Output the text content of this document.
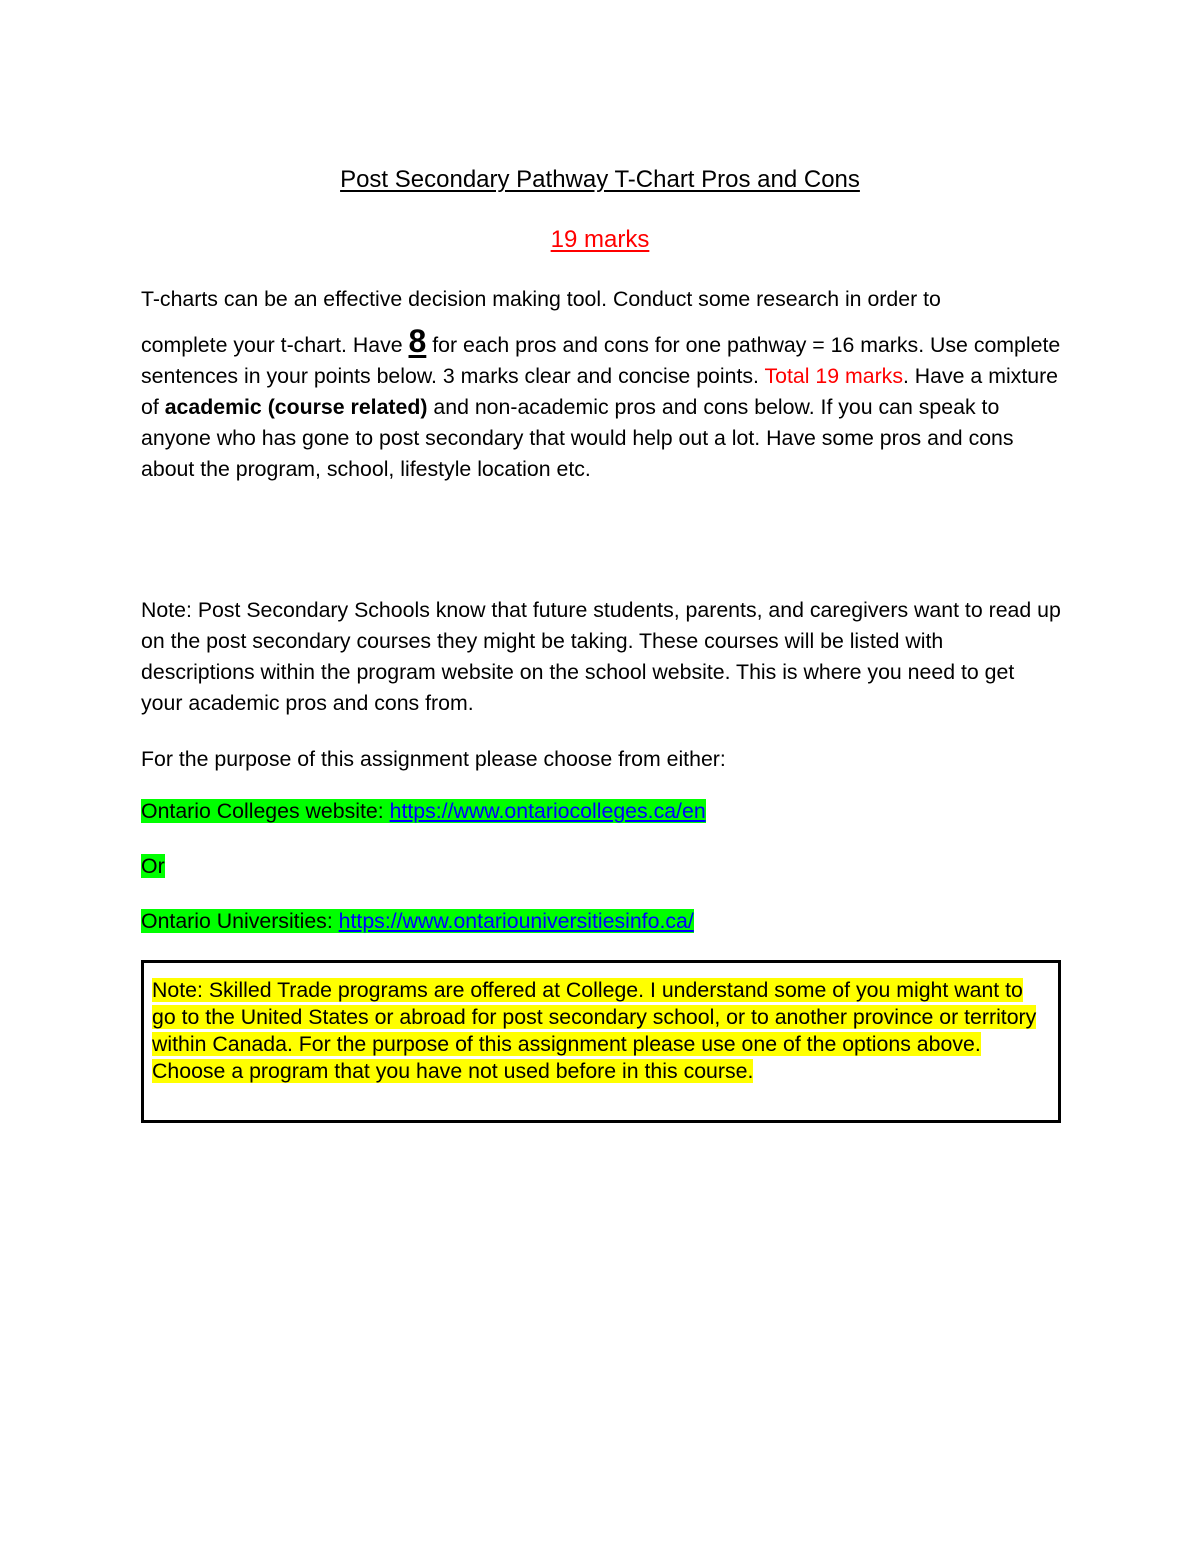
Post Secondary Pathway T-Chart Pros and Cons
19 marks

T-charts can be an effective decision making tool. Conduct some research in order to
complete your t-chart. Have 8 for each pros and cons for one pathway = 16 marks. Use complete sentences in your points below. 3 marks clear and concise points. Total 19 marks. Have a mixture of academic (course related) and non-academic pros and cons below. If you can speak to anyone who has gone to post secondary that would help out a lot. Have some pros and cons about the program, school, lifestyle location etc.

Note: Post Secondary Schools know that future students, parents, and caregivers want to read up on the post secondary courses they might be taking. These courses will be listed with descriptions within the program website on the school website. This is where you need to get your academic pros and cons from.

For the purpose of this assignment please choose from either:

Ontario Colleges website: https://www.ontariocolleges.ca/en
Or
Ontario Universities: https://www.ontariouniversitiesinfo.ca/
Note: Skilled Trade programs are offered at College. I understand some of you might want to go to the United States or abroad for post secondary school, or to another province or territory within Canada. For the purpose of this assignment please use one of the options above. Choose a program that you have not used before in this course.
